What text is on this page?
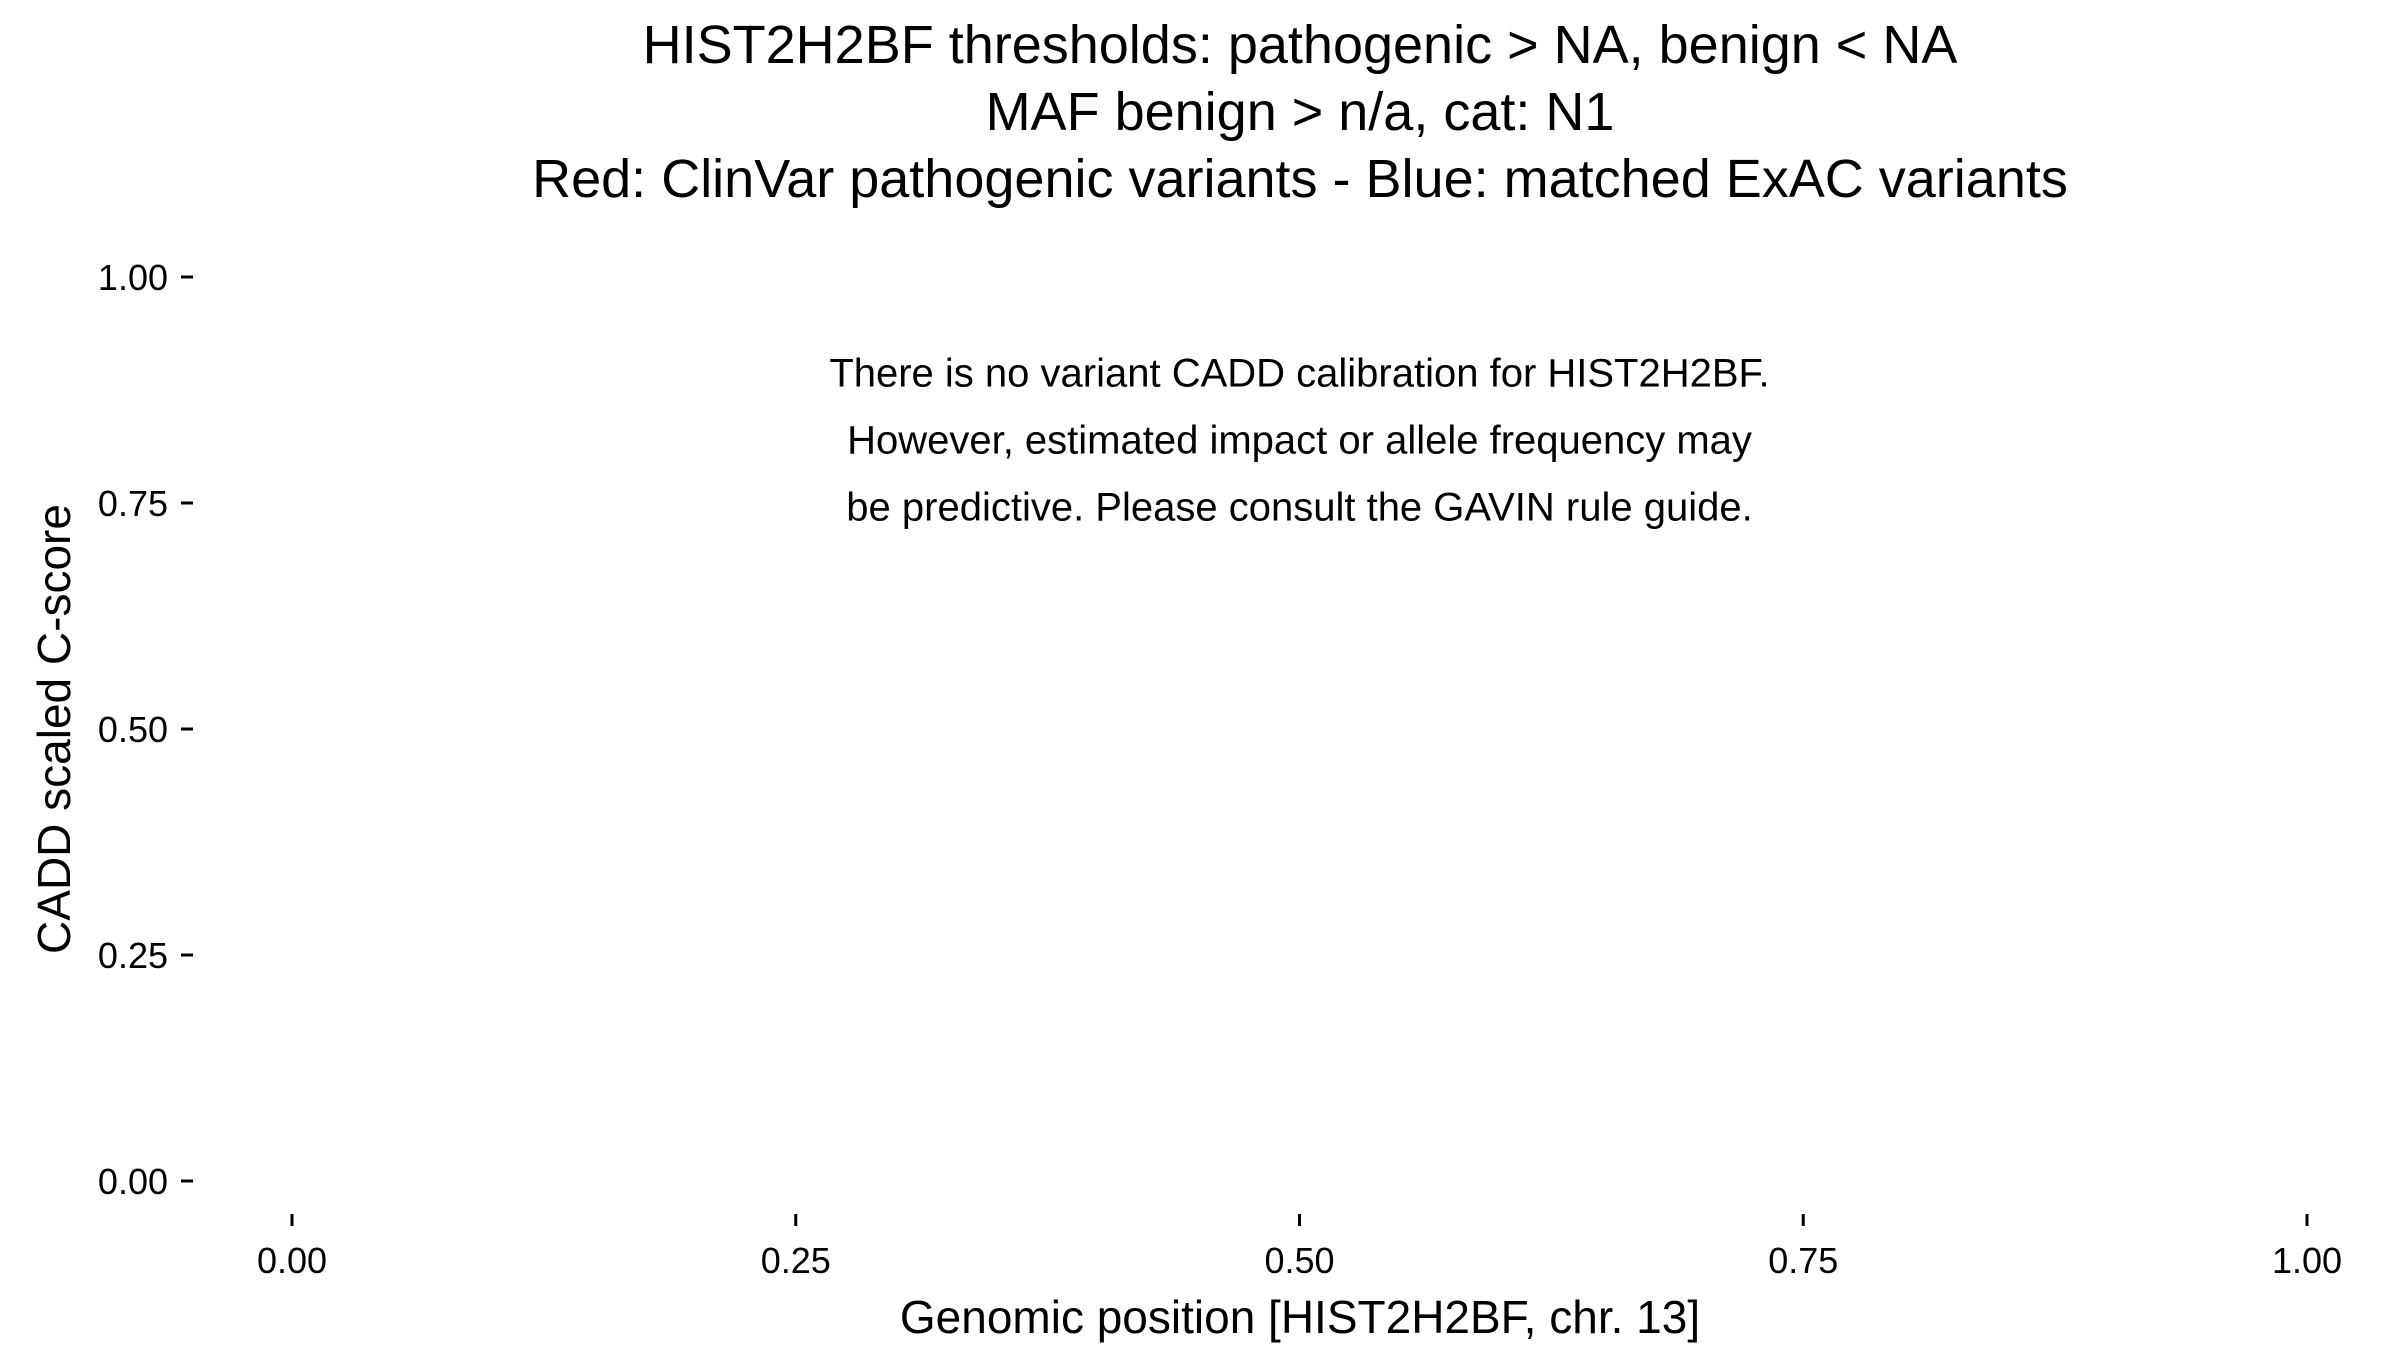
HIST2H2BF thresholds: pathogenic > NA, benign < NA
MAF benign > n/a, cat: N1
Red: ClinVar pathogenic variants - Blue: matched ExAC variants
0.00
0.25
0.50
0.75
1.00
0.00	0.25	0.50	0.75	1.00
There is no variant CADD calibration for HIST2H2BF.
However, estimated impact or allele frequency may
be predictive. Please consult the GAVIN rule guide.
Genomic position [HIST2H2BF, chr. 13]
CADD scaled C-score
